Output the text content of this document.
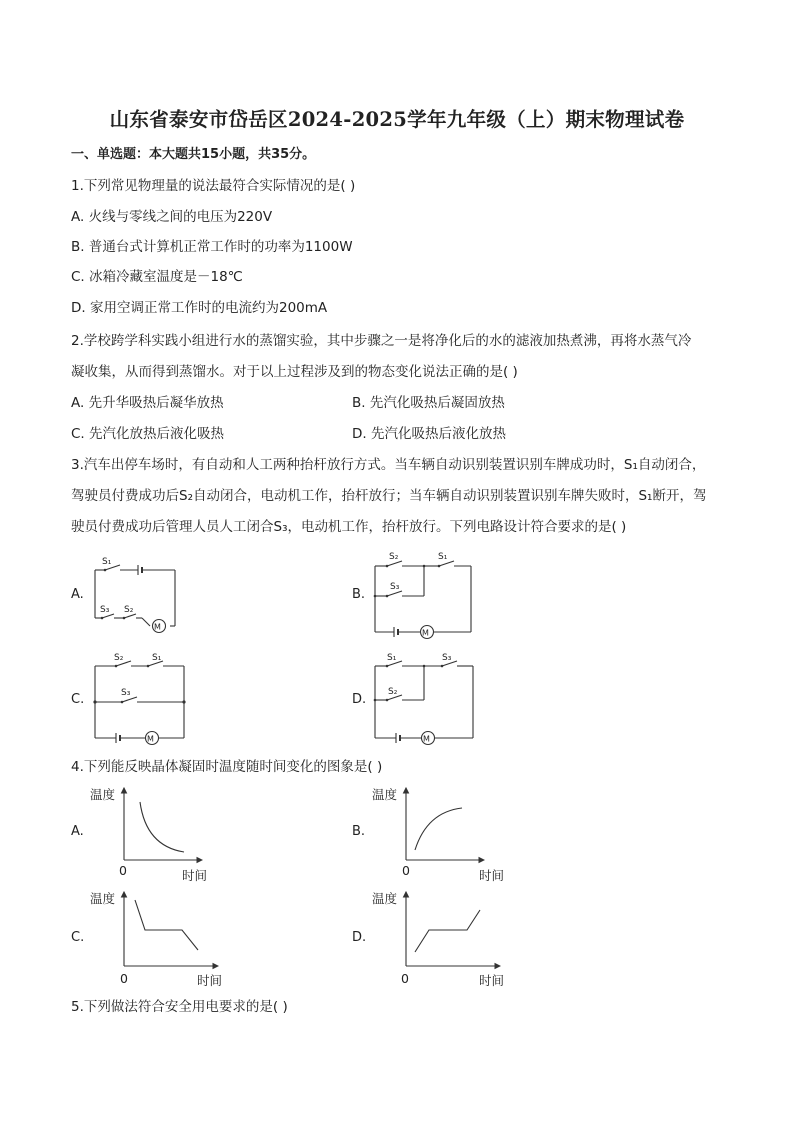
山东省泰安市岱岳区2024-2025学年九年级（上）期末物理试卷
一、单选题：本大题共15小题，共35分。
1.下列常见物理量的说法最符合实际情况的是( )
A. 火线与零线之间的电压为220V
B. 普通台式计算机正常工作时的功率为1100W
C. 冰箱冷藏室温度是－18℃
D. 家用空调正常工作时的电流约为200mA
2.学校跨学科实践小组进行水的蒸馏实验，其中步骤之一是将净化后的水的滤液加热煮沸，再将水蒸气冷
凝收集，从而得到蒸馏水。对于以上过程涉及到的物态变化说法正确的是( )
A. 先升华吸热后凝华放热	B. 先汽化吸热后凝固放热
C. 先汽化放热后液化吸热	D. 先汽化吸热后液化放热
3.汽车出停车场时，有自动和人工两种抬杆放行方式。当车辆自动识别装置识别车牌成功时，S₁自动闭合，
驾驶员付费成功后S₂自动闭合，电动机工作，抬杆放行；当车辆自动识别装置识别车牌失败时，S₁断开，驾
驶员付费成功后管理人员人工闭合S₃，电动机工作，抬杆放行。下列电路设计符合要求的是( )
A.	B.
C.	D.
S₁
S₃ S₂
M
S₂	S₁
S₃
M
S₂	S₁
S₃
M
S₁	S₃
S₂
M
4.下列能反映晶体凝固时温度随时间变化的图象是( )
A.	B.
C.	D.
温度
0	时间
温度
0	时间
温度
0	时间
温度
0	时间
5.下列做法符合安全用电要求的是( )
